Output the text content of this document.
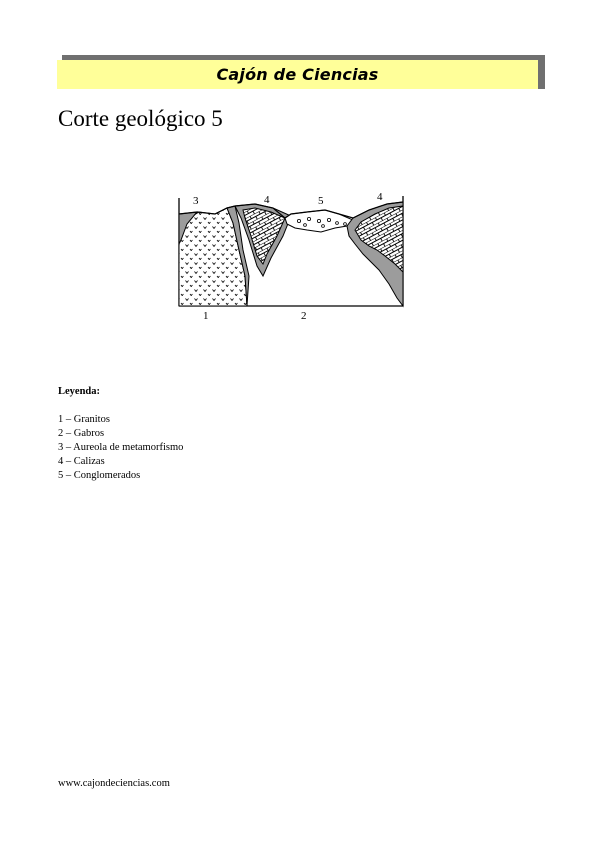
Cajón de Ciencias
Corte geológico 5
3	4	5	4
1	2

Leyenda:

1 – Granitos
2 – Gabros
3 – Aureola de metamorfismo
4 – Calizas
5 – Conglomerados
www.cajondeciencias.com
